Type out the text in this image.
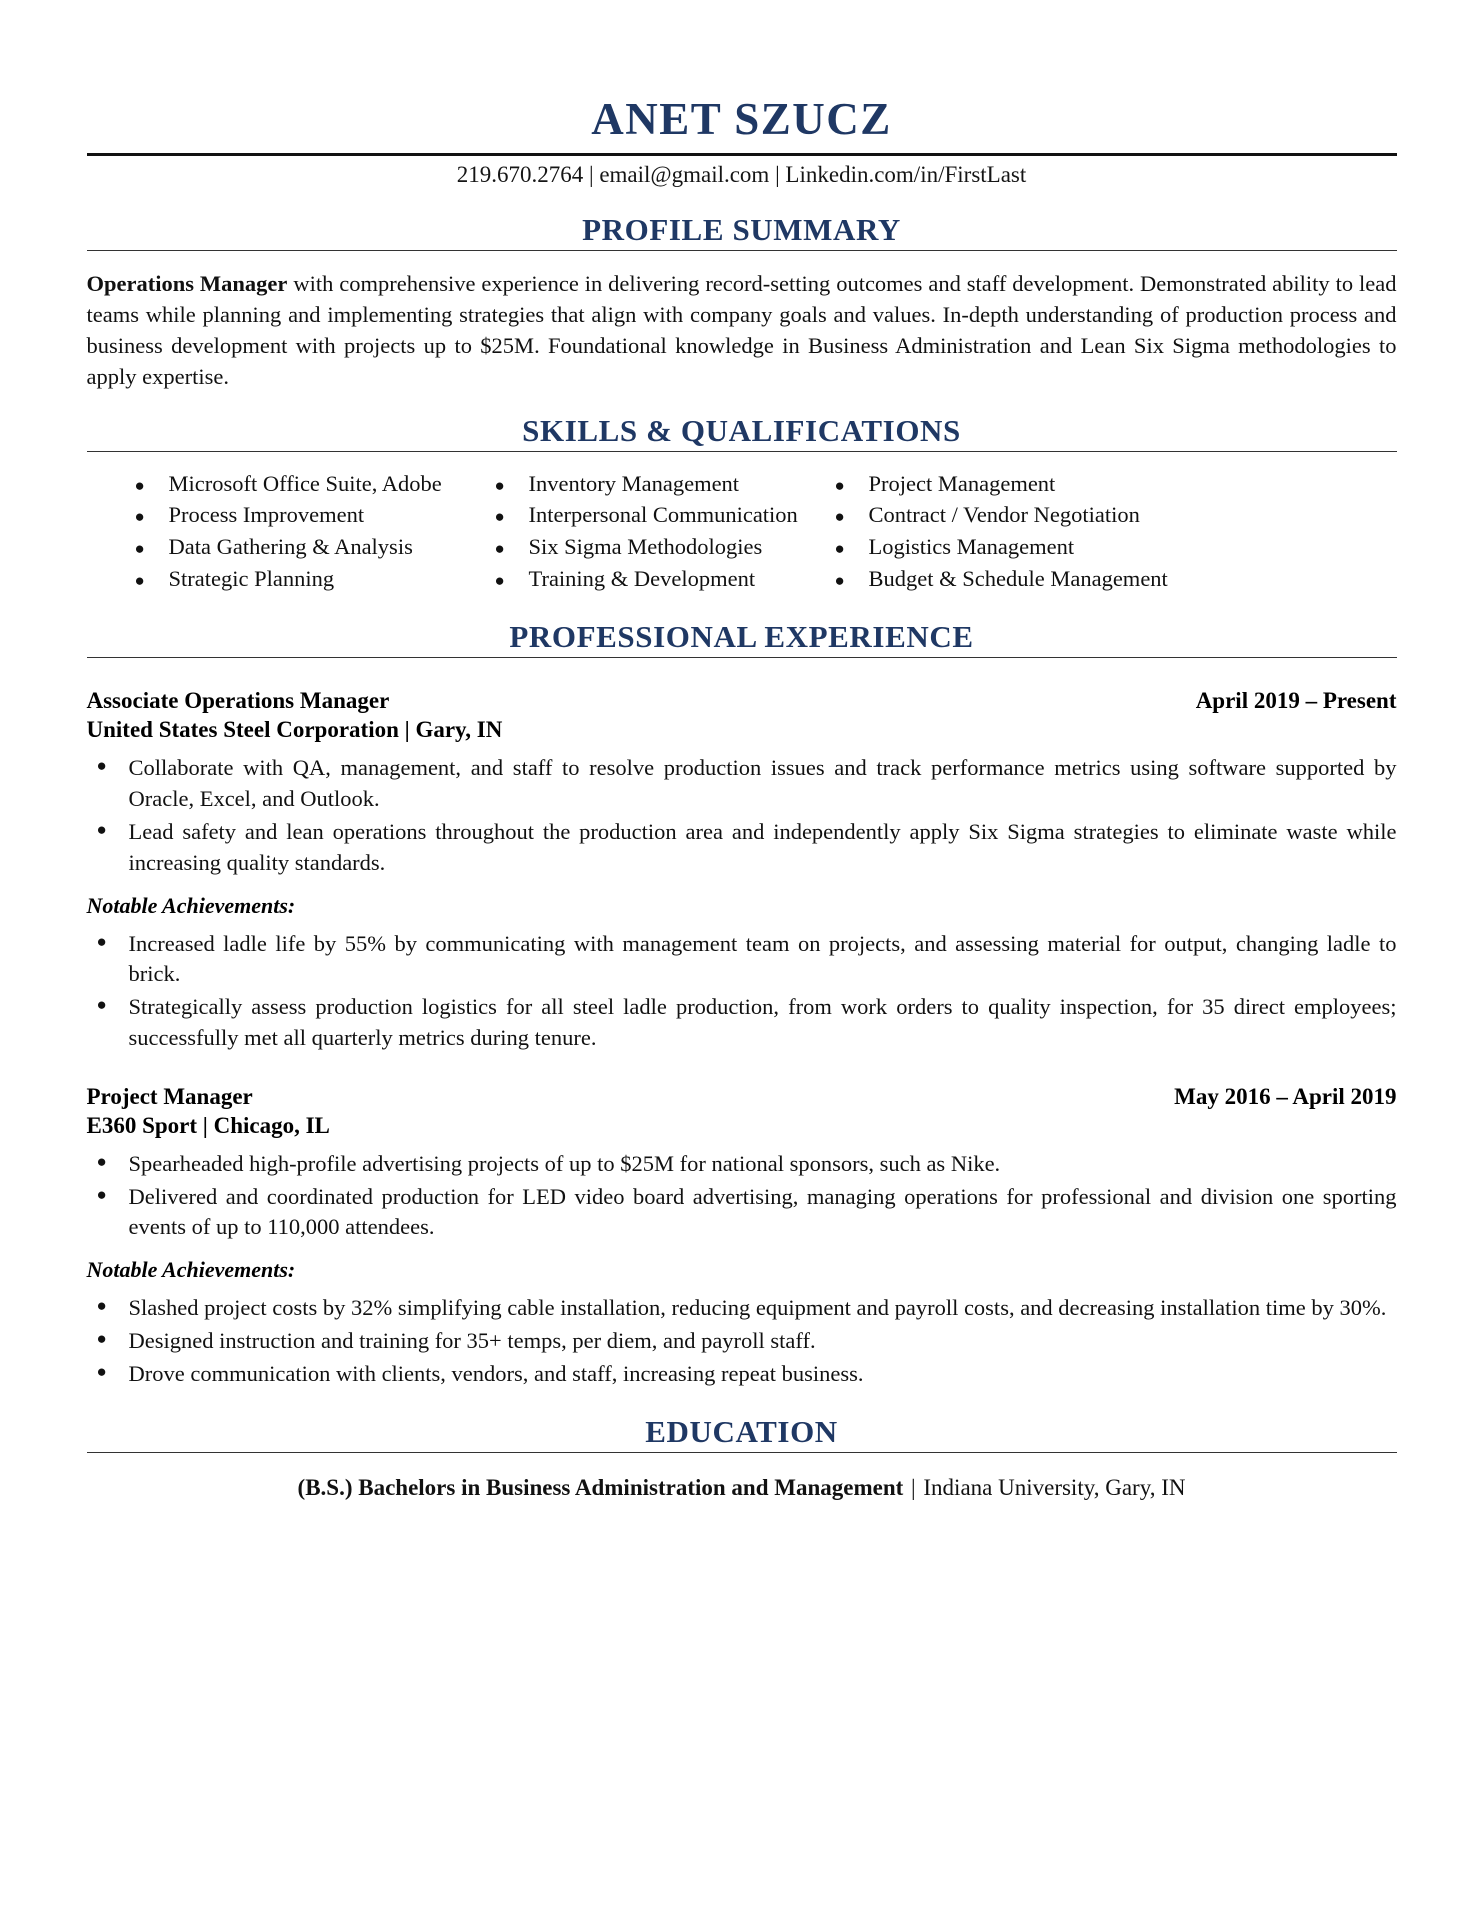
ANET SZUCZ
219.670.2764 | email@gmail.com | Linkedin.com/in/FirstLast
PROFILE SUMMARY

Operations Manager with comprehensive experience in delivering record-setting outcomes and staff development. Demonstrated ability to lead teams while planning and implementing strategies that align with company goals and values. In-depth understanding of production process and business development with projects up to $25M. Foundational knowledge in Business Administration and Lean Six Sigma methodologies to apply expertise.

SKILLS & QUALIFICATIONS
●	Microsoft Office Suite, Adobe
●	Process Improvement
●	Data Gathering & Analysis
●	Strategic Planning
●	Inventory Management
●	Interpersonal Communication
●	Six Sigma Methodologies
●	Training & Development
●	Project Management
●	Contract / Vendor Negotiation
●	Logistics Management
●	Budget & Schedule Management
PROFESSIONAL EXPERIENCE
Associate Operations Manager	April 2019 – Present
United States Steel Corporation | Gary, IN
● Collaborate with QA, management, and staff to resolve production issues and track performance metrics using software supported by Oracle, Excel, and Outlook.
● Lead safety and lean operations throughout the production area and independently apply Six Sigma strategies to eliminate waste while increasing quality standards.
Notable Achievements:
● Increased ladle life by 55% by communicating with management team on projects, and assessing material for output, changing ladle to brick.
● Strategically assess production logistics for all steel ladle production, from work orders to quality inspection, for 35 direct employees; successfully met all quarterly metrics during tenure.
Project Manager	May 2016 – April 2019
E360 Sport | Chicago, IL
● Spearheaded high-profile advertising projects of up to $25M for national sponsors, such as Nike.
● Delivered and coordinated production for LED video board advertising, managing operations for professional and division one sporting events of up to 110,000 attendees.
Notable Achievements:
● Slashed project costs by 32% simplifying cable installation, reducing equipment and payroll costs, and decreasing installation time by 30%.
● Designed instruction and training for 35+ temps, per diem, and payroll staff.
● Drove communication with clients, vendors, and staff, increasing repeat business.
EDUCATION
(B.S.) Bachelors in Business Administration and Management | Indiana University, Gary, IN
